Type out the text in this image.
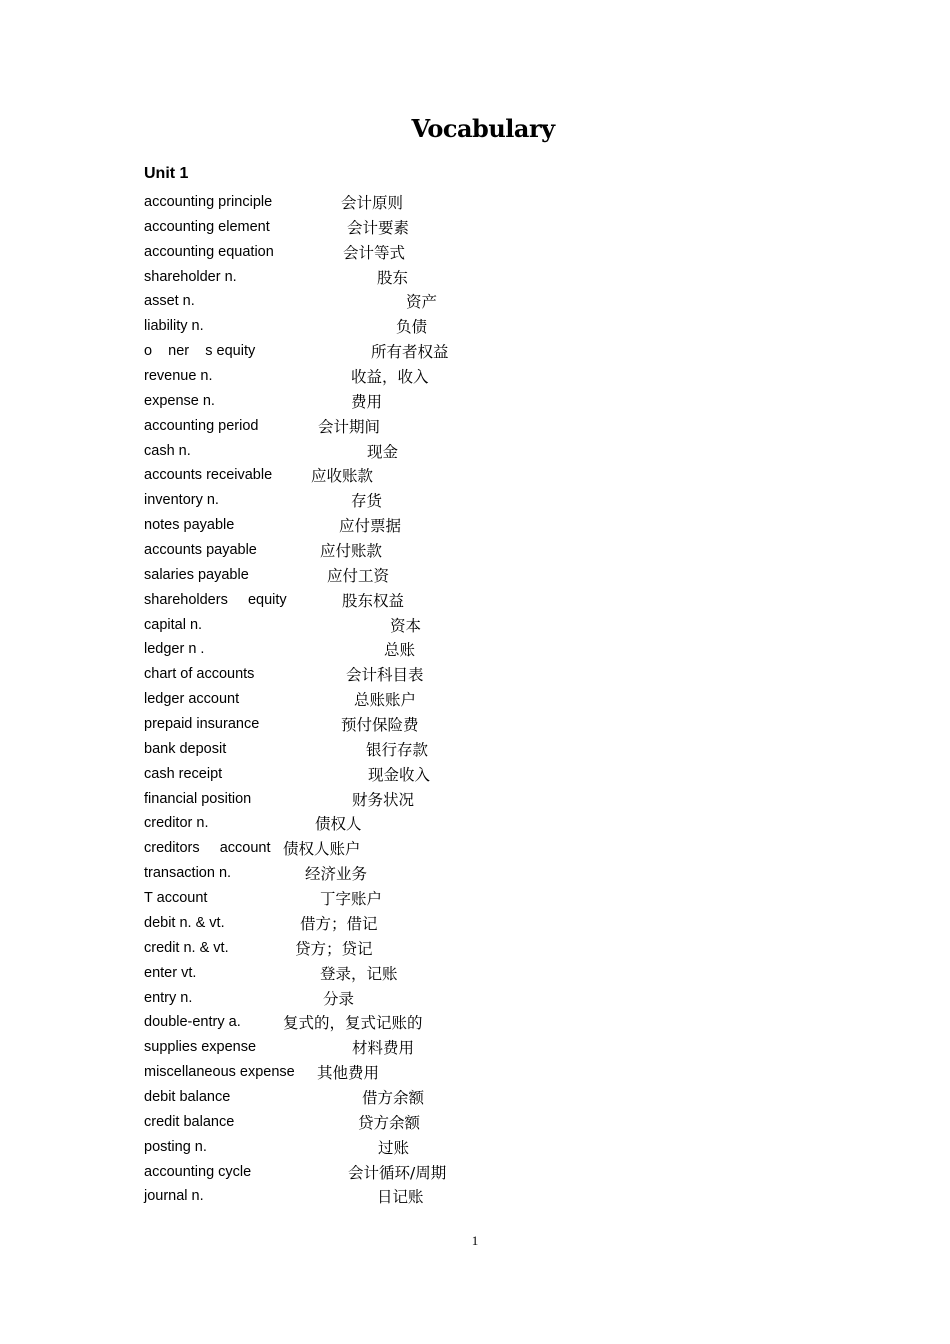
Vocabulary
Unit 1
accounting principle	会计原则
accounting element	会计要素
accounting equation	会计等式
shareholder n.	股东
asset n.	资产
liability n.	负债
o    ner    s equity	所有者权益
revenue n.	收益，收入
expense n.	费用
accounting period	会计期间
cash n.	现金
accounts receivable	应收账款
inventory n.	存货
notes payable	应付票据
accounts payable	应付账款
salaries payable	应付工资
shareholders     equity	股东权益
capital n.	资本
ledger n .	总账
chart of accounts	会计科目表
ledger account	总账账户
prepaid insurance	预付保险费
bank deposit	银行存款
cash receipt	现金收入
financial position	财务状况
creditor n.	债权人
creditors     account 债权人账户
transaction n.	经济业务
T account	丁字账户
debit n. & vt.	借方；借记
credit n. & vt.	贷方；贷记
enter vt.	登录，记账
entry n.	分录
double-entry a.	复式的，复式记账的
supplies expense	材料费用
miscellaneous expense 其他费用
debit balance	借方余额
credit balance	贷方余额
posting n.	过账
accounting cycle	会计循环/周期
journal n.	日记账
1
